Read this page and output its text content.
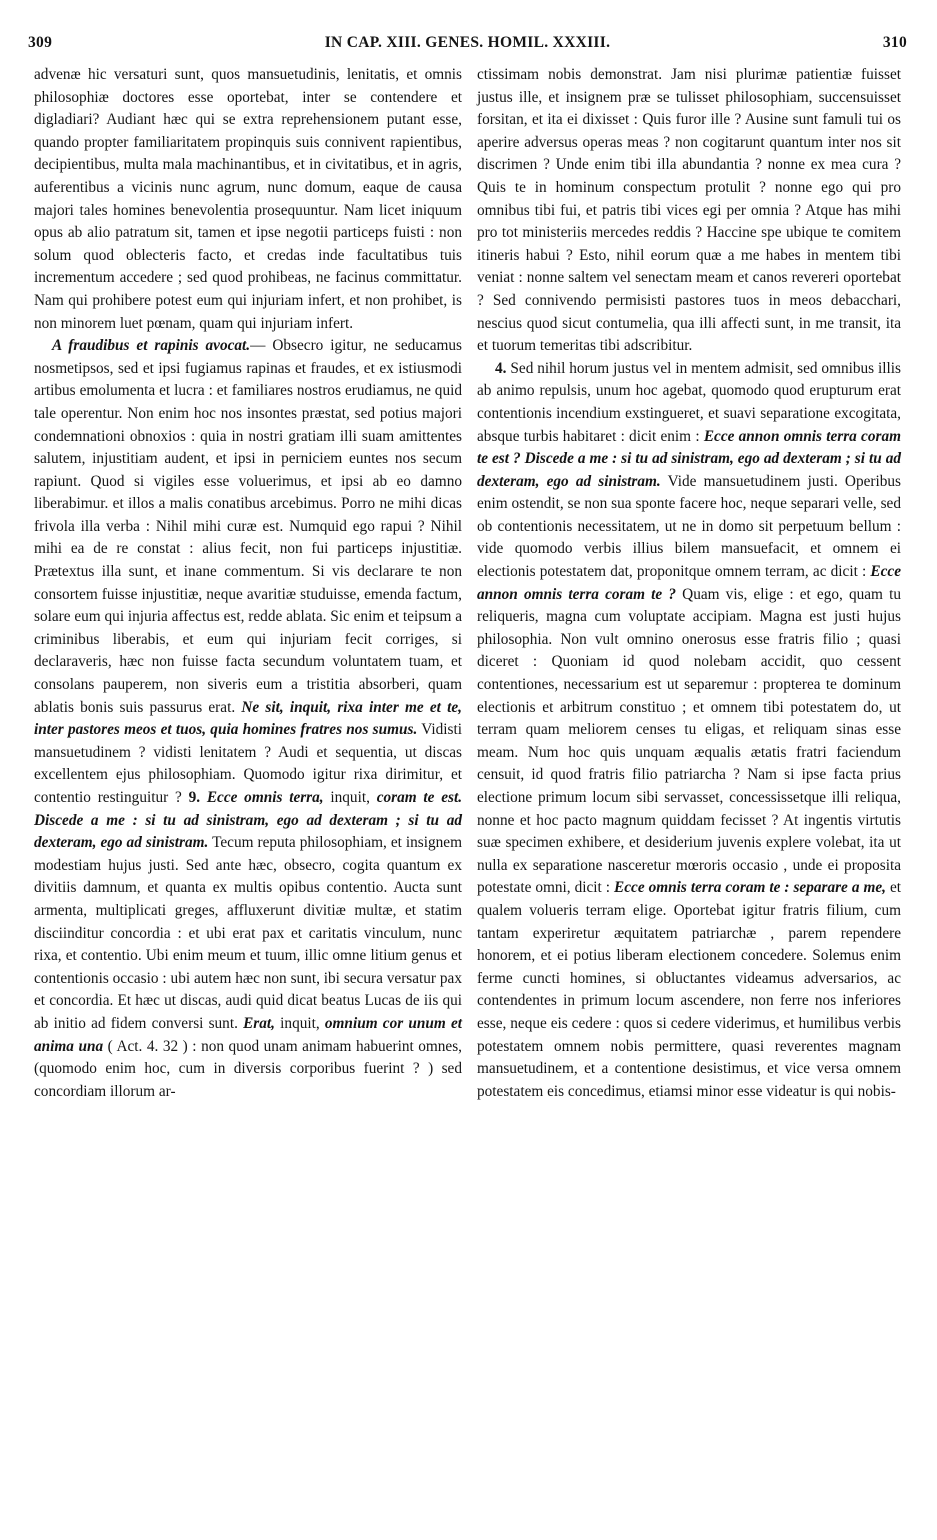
309	IN CAP. XIII. GENES. HOMIL. XXXIII.	310

advenæ hic versaturi sunt, quos mansuetudinis, lenitatis, et omnis philosophiæ doctores esse oportebat, inter se contendere et digladiari? Audiant hæc qui se extra reprehensionem putant esse, quando propter familiaritatem propinquis suis connivent rapientibus, decipientibus, multa mala machinantibus, et in civitatibus, et in agris, auferentibus a vicinis nunc agrum, nunc domum, eaque de causa majori tales homines benevolentia prosequuntur. Nam licet iniquum opus ab alio patratum sit, tamen et ipse negotii particeps fuisti : non solum quod oblecteris facto, et credas inde facultatibus tuis incrementum accedere ; sed quod prohibeas, ne facinus committatur. Nam qui prohibere potest eum qui injuriam infert, et non prohibet, is non minorem luet pœnam, quam qui injuriam infert.

A fraudibus et rapinis avocat.— Obsecro igitur, ne seducamus nosmetipsos, sed et ipsi fugiamus rapinas et fraudes, et ex istiusmodi artibus emolumenta et lucra : et familiares nostros erudiamus, ne quid tale operentur. Non enim hoc nos insontes præstat, sed potius majori condemnationi obnoxios : quia in nostri gratiam illi suam amittentes salutem, injustitiam audent, et ipsi in perniciem euntes nos secum rapiunt. Quod si vigiles esse voluerimus, et ipsi ab eo damno liberabimur. et illos a malis conatibus arcebimus. Porro ne mihi dicas frivola illa verba : Nihil mihi curæ est. Numquid ego rapui ? Nihil mihi ea de re constat : alius fecit, non fui particeps injustitiæ. Prætextus illa sunt, et inane commentum. Si vis declarare te non consortem fuisse injustitiæ, neque avaritiæ studuisse, emenda factum, solare eum qui injuria affectus est, redde ablata. Sic enim et teipsum a criminibus liberabis, et eum qui injuriam fecit corriges, si declaraveris, hæc non fuisse facta secundum voluntatem tuam, et consolans pauperem, non siveris eum a tristitia absorberi, quam ablatis bonis suis passurus erat. Ne sit, inquit, rixa inter me et te, inter pastores meos et tuos, quia homines fratres nos sumus. Vidisti mansuetudinem ? vidisti lenitatem ? Audi et sequentia, ut discas excellentem ejus philosophiam. Quomodo igitur rixa dirimitur, et contentio restinguitur ? 9. Ecce omnis terra, inquit, coram te est. Discede a me : si tu ad sinistram, ego ad dexteram ; si tu ad dexteram, ego ad sinistram. Tecum reputa philosophiam, et insignem modestiam hujus justi. Sed ante hæc, obsecro, cogita quantum ex divitiis damnum, et quanta ex multis opibus contentio. Aucta sunt armenta, multiplicati greges, affluxerunt divitiæ multæ, et statim disciinditur concordia : et ubi erat pax et caritatis vinculum, nunc rixa, et contentio. Ubi enim meum et tuum, illic omne litium genus et contentionis occasio : ubi autem hæc non sunt, ibi secura versatur pax et concordia. Et hæc ut discas, audi quid dicat beatus Lucas de iis qui ab initio ad fidem conversi sunt. Erat, inquit, omnium cor unum et anima una ( Act. 4. 32 ) : non quod unam animam habuerint omnes, (quomodo enim hoc, cum in diversis corporibus fuerint ? ) sed concordiam illorum ar-

ctissimam nobis demonstrat. Jam nisi plurimæ patientiæ fuisset justus ille, et insignem præ se tulisset philosophiam, succensuisset forsitan, et ita ei dixisset : Quis furor ille ? Ausine sunt famuli tui os aperire adversus operas meas ? non cogitarunt quantum inter nos sit discrimen ? Unde enim tibi illa abundantia ? nonne ex mea cura ? Quis te in hominum conspectum protulit ? nonne ego qui pro omnibus tibi fui, et patris tibi vices egi per omnia ? Atque has mihi pro tot ministeriis mercedes reddis ? Haccine spe ubique te comitem itineris habui ? Esto, nihil eorum quæ a me habes in mentem tibi veniat : nonne saltem vel senectam meam et canos revereri oportebat ? Sed connivendo permisisti pastores tuos in meos debacchari, nescius quod sicut contumelia, qua illi affecti sunt, in me transit, ita et tuorum temeritas tibi adscribitur.

4. Sed nihil horum justus vel in mentem admisit, sed omnibus illis ab animo repulsis, unum hoc agebat, quomodo quod erupturum erat contentionis incendium exstingueret, et suavi separatione excogitata, absque turbis habitaret : dicit enim : Ecce annon omnis terra coram te est ? Discede a me : si tu ad sinistram, ego ad dexteram ; si tu ad dexteram, ego ad sinistram. Vide mansuetudinem justi. Operibus enim ostendit, se non sua sponte facere hoc, neque separari velle, sed ob contentionis necessitatem, ut ne in domo sit perpetuum bellum : vide quomodo verbis illius bilem mansuefacit, et omnem ei electionis potestatem dat, proponitque omnem terram, ac dicit : Ecce annon omnis terra coram te ? Quam vis, elige : et ego, quam tu reliqueris, magna cum voluptate accipiam. Magna est justi hujus philosophia. Non vult omnino onerosus esse fratris filio ; quasi diceret : Quoniam id quod nolebam accidit, quo cessent contentiones, necessarium est ut separemur : propterea te dominum electionis et arbitrum constituo ; et omnem tibi potestatem do, ut terram quam meliorem censes tu eligas, et reliquam sinas esse meam. Num hoc quis unquam æqualis ætatis fratri faciendum censuit, id quod fratris filio patriarcha ? Nam si ipse facta prius electione primum locum sibi servasset, concessissetque illi reliqua, nonne et hoc pacto magnum quiddam fecisset ? At ingentis virtutis suæ specimen exhibere, et desiderium juvenis explere volebat, ita ut nulla ex separatione nasceretur mœroris occasio , unde ei proposita potestate omni, dicit : Ecce omnis terra coram te : separare a me, et qualem volueris terram elige. Oportebat igitur fratris filium, cum tantam experiretur æquitatem patriarchæ , parem rependere honorem, et ei potius liberam electionem concedere. Solemus enim ferme cuncti homines, si obluctantes videamus adversarios, ac contendentes in primum locum ascendere, non ferre nos inferiores esse, neque eis cedere : quos si cedere viderimus, et humilibus verbis potestatem omnem nobis permittere, quasi reverentes magnam mansuetudinem, et a contentione desistimus, et vice versa omnem potestatem eis concedimus, etiamsi minor esse videatur is qui nobis-
